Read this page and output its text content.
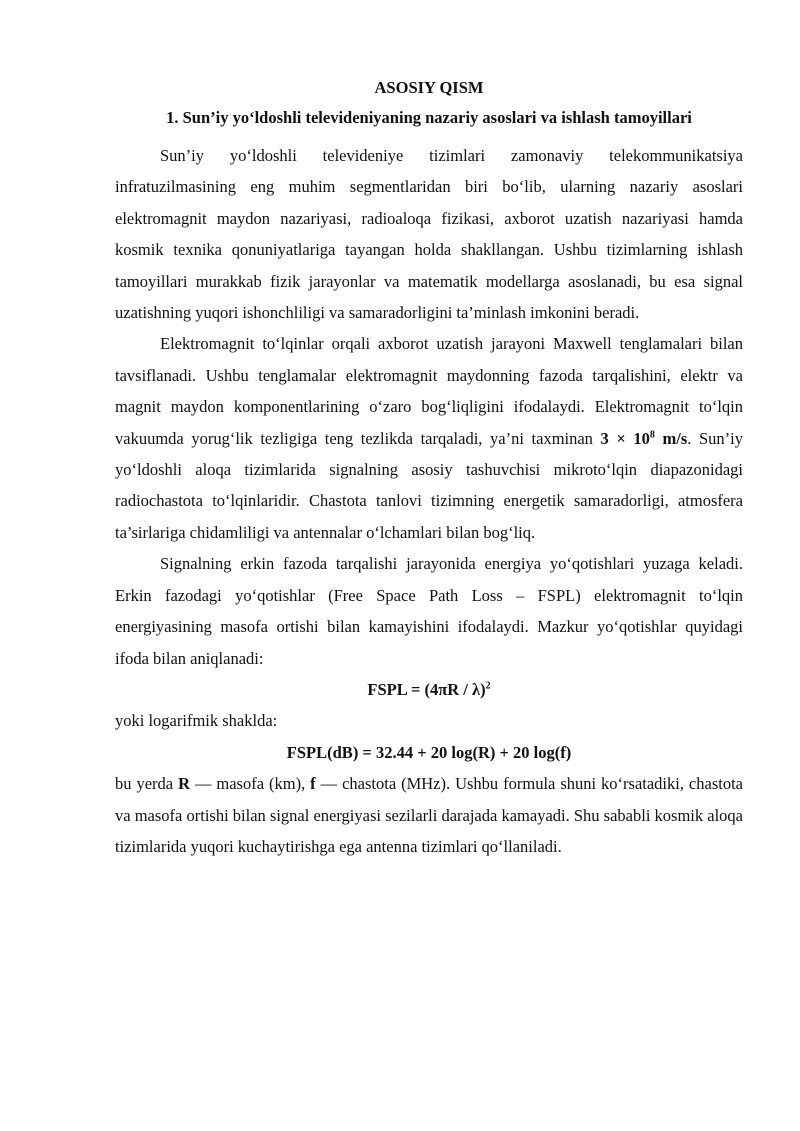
ASOSIY QISM
1. Sun’iy yo‘ldoshli televideniyaning nazariy asoslari va ishlash tamoyillari

Sun’iy yo‘ldoshli televideniye tizimlari zamonaviy telekommunikatsiya infratuzilmasining eng muhim segmentlaridan biri bo‘lib, ularning nazariy asoslari elektromagnit maydon nazariyasi, radioaloqa fizikasi, axborot uzatish nazariyasi hamda kosmik texnika qonuniyatlariga tayangan holda shakllangan. Ushbu tizimlarning ishlash tamoyillari murakkab fizik jarayonlar va matematik modellarga asoslanadi, bu esa signal uzatishning yuqori ishonchliligi va samaradorligini ta’minlash imkonini beradi.

Elektromagnit to‘lqinlar orqali axborot uzatish jarayoni Maxwell tenglamalari bilan tavsiflanadi. Ushbu tenglamalar elektromagnit maydonning fazoda tarqalishini, elektr va magnit maydon komponentlarining o‘zaro bog‘liqligini ifodalaydi. Elektromagnit to‘lqin vakuumda yorug‘lik tezligiga teng tezlikda tarqaladi, ya’ni taxminan $3 \times 10^8$ m/s. Sun’iy yo‘ldoshli aloqa tizimlarida signalning asosiy tashuvchisi mikroto‘lqin diapazonidagi radiochastota to‘lqinlaridir. Chastota tanlovi tizimning energetik samaradorligi, atmosfera ta’sirlariga chidamliligi va antennalar o‘lchamlari bilan bog‘liq.

Signalning erkin fazoda tarqalishi jarayonida energiya yo‘qotishlari yuzaga keladi. Erkin fazodagi yo‘qotishlar (Free Space Path Loss – FSPL) elektromagnit to‘lqin energiyasining masofa ortishi bilan kamayishini ifodalaydi. Mazkur yo‘qotishlar quyidagi ifoda bilan aniqlanadi:

FSPL = (4πR / λ)$^2$

yoki logarifmik shaklda:

FSPL(dB) = 32.44 + 20 log(R) + 20 log(f)

bu yerda R — masofa (km), f — chastota (MHz). Ushbu formula shuni ko‘rsatadiki, chastota va masofa ortishi bilan signal energiyasi sezilarli darajada kamayadi. Shu sababli kosmik aloqa tizimlarida yuqori kuchaytirishga ega antenna tizimlari qo‘llaniladi.
